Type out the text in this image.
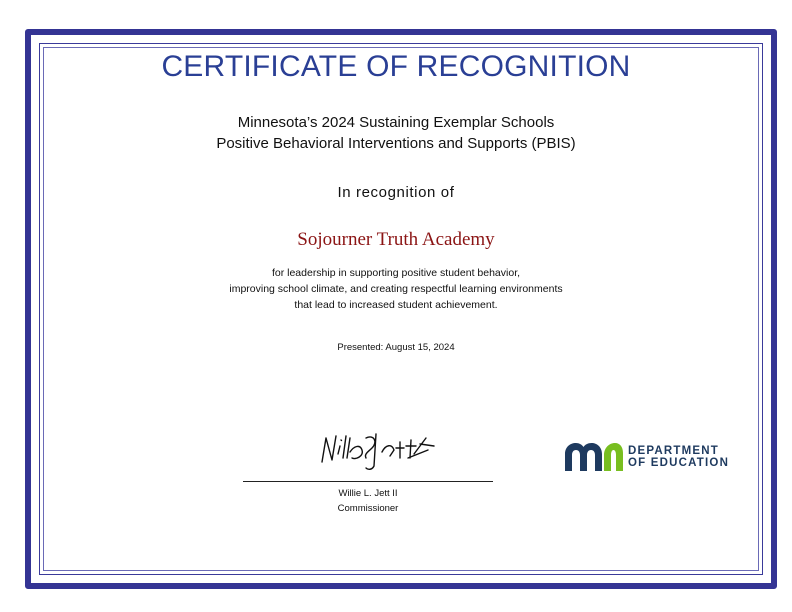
CERTIFICATE OF RECOGNITION
Minnesota’s 2024 Sustaining Exemplar Schools
Positive Behavioral Interventions and Supports (PBIS)
In recognition of
Sojourner Truth Academy
for leadership in supporting positive student behavior,
improving school climate, and creating respectful learning environments
that lead to increased student achievement.
Presented: August 15, 2024
Willie L. Jett II
Commissioner
DEPARTMENT
OF EDUCATION
